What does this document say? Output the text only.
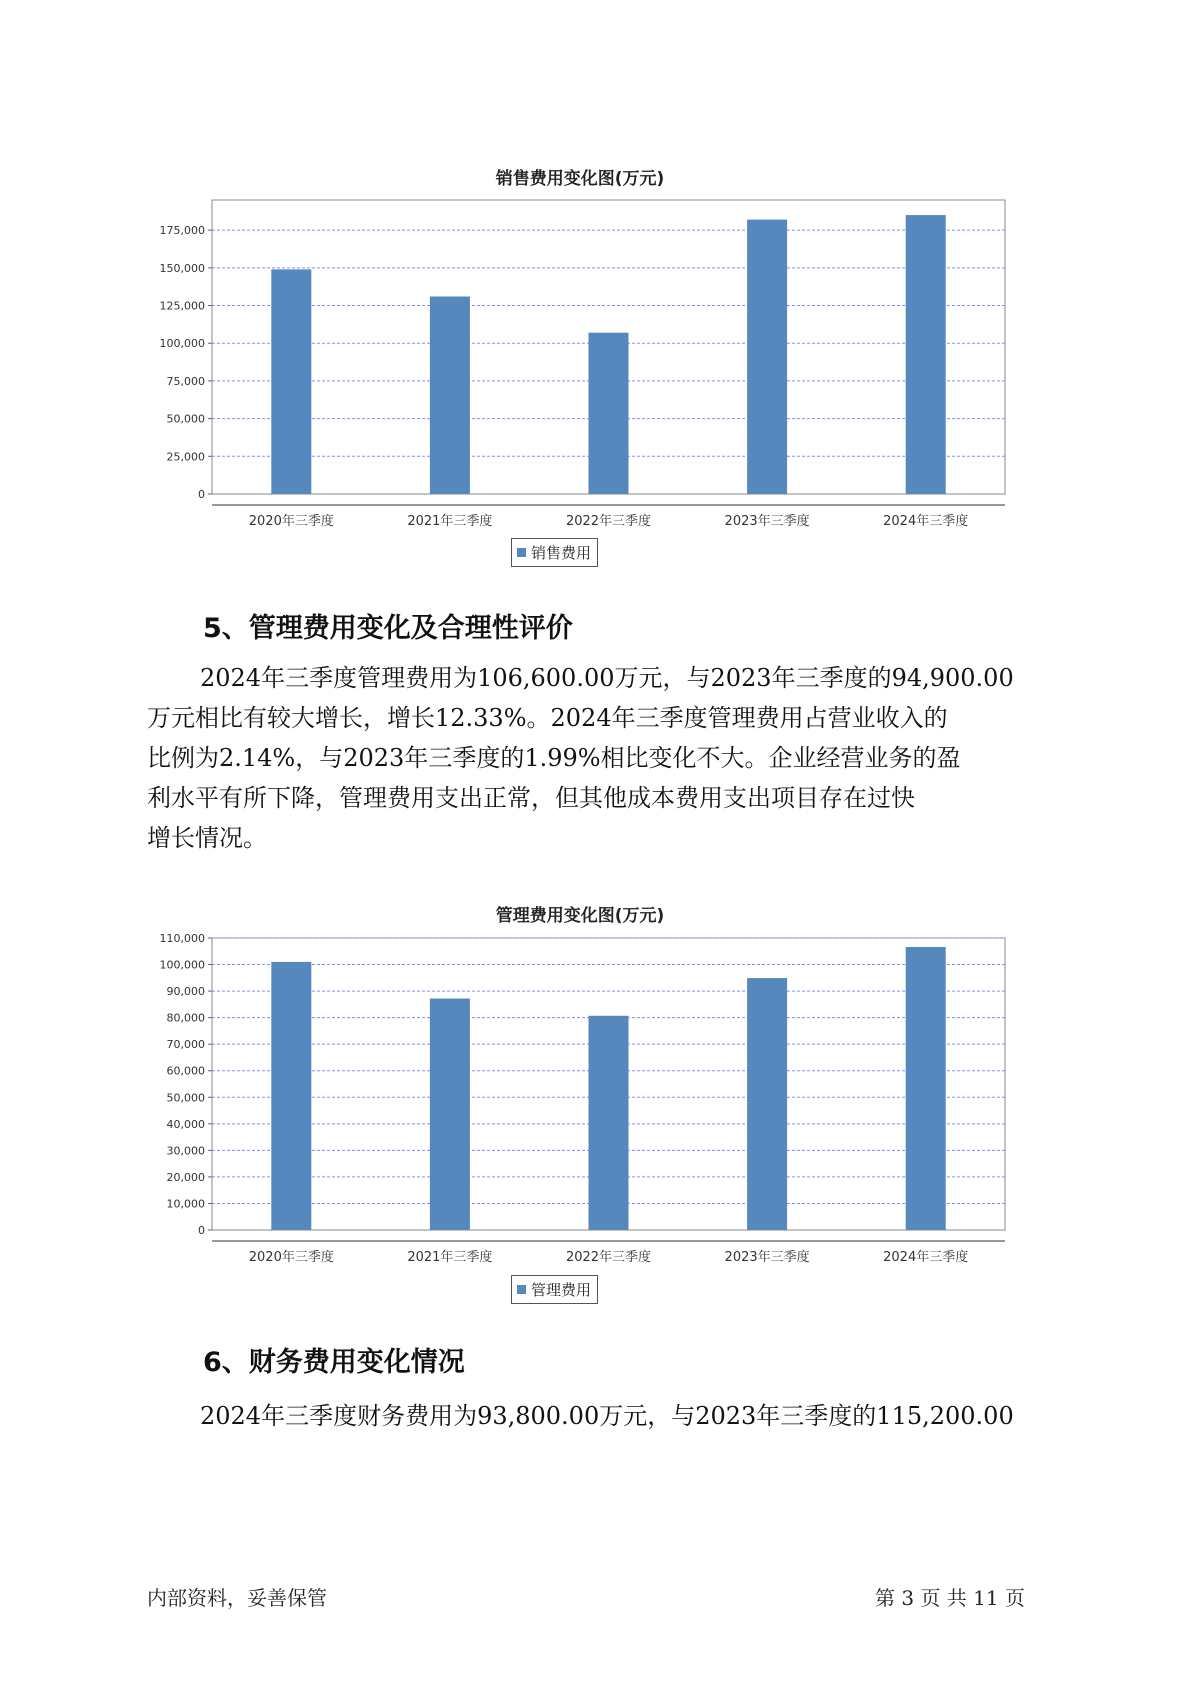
销售费用变化图(万元)
0
25,000
50,000
75,000
100,000
125,000
150,000
175,000
2020年三季度	2021年三季度	2022年三季度	2023年三季度	2024年三季度
销售费用
5、管理费用变化及合理性评价
2024年三季度管理费用为106,600.00万元，与2023年三季度的94,900.00
万元相比有较大增长，增长12.33%。2024年三季度管理费用占营业收入的
比例为2.14%，与2023年三季度的1.99%相比变化不大。企业经营业务的盈
利水平有所下降，管理费用支出正常，但其他成本费用支出项目存在过快
增长情况。
管理费用变化图(万元)
0
10,000
20,000
30,000
40,000
50,000
60,000
70,000
80,000
90,000
100,000
110,000
2020年三季度	2021年三季度	2022年三季度	2023年三季度	2024年三季度
管理费用
6、财务费用变化情况
2024年三季度财务费用为93,800.00万元，与2023年三季度的115,200.00
内部资料，妥善保管	第 3 页 共 11 页
